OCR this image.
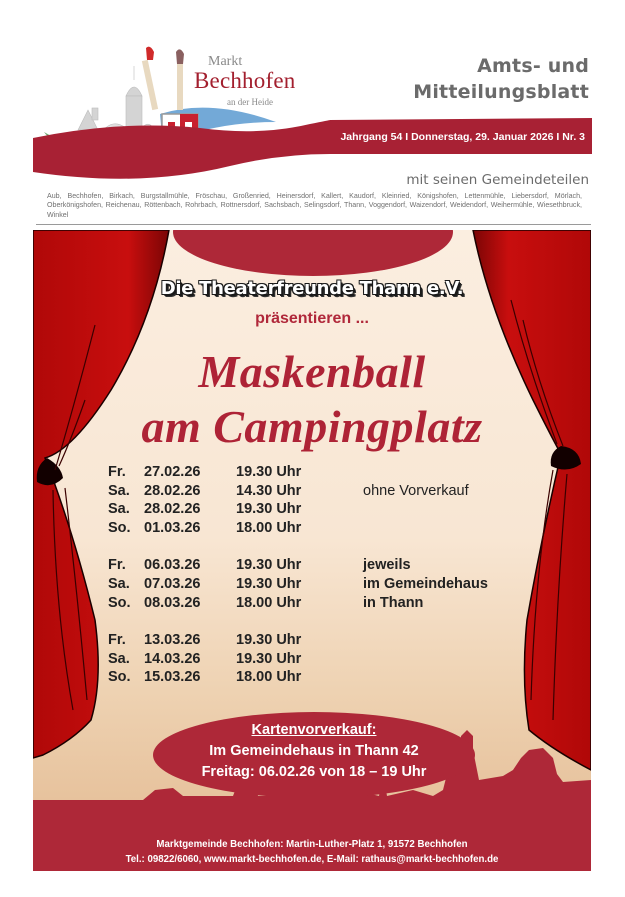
Markt
Bechhofen
an der Heide
Amts- und
Mitteilungsblatt
Jahrgang 54 I Donnerstag, 29. Januar 2026 I Nr. 3
mit seinen Gemeindeteilen
Aub, Bechhofen, Birkach, Burgstallmühle, Fröschau, Großenried, Heinersdorf, Kallert, Kaudorf, Kleinried, Königshofen, Lettenmühle, Liebersdorf, Mörlach, Oberkönigshofen, Reichenau, Röttenbach, Rohrbach, Rottnersdorf, Sachsbach, Selingsdorf, Thann, Voggendorf, Waizendorf, Weidendorf, Weihermühle, Wiesethbruck, Winkel
Die Theaterfreunde Thann e.V.
präsentieren ...
Maskenball
am Campingplatz
Fr. 27.02.26 19.30 Uhr
Sa. 28.02.26 14.30 Uhr	ohne Vorverkauf
Sa. 28.02.26 19.30 Uhr
So. 01.03.26 18.00 Uhr
Fr. 06.03.26 19.30 Uhr	jeweils
Sa. 07.03.26 19.30 Uhr	im Gemeindehaus
So. 08.03.26 18.00 Uhr	in Thann
Fr. 13.03.26 19.30 Uhr
Sa. 14.03.26 19.30 Uhr
So. 15.03.26 18.00 Uhr
Kartenvorverkauf:
Im Gemeindehaus in Thann 42
Freitag: 06.02.26 von 18 – 19 Uhr
Marktgemeinde Bechhofen: Martin-Luther-Platz 1, 91572 Bechhofen
Tel.: 09822/6060, www.markt-bechhofen.de, E-Mail: rathaus@markt-bechhofen.de
